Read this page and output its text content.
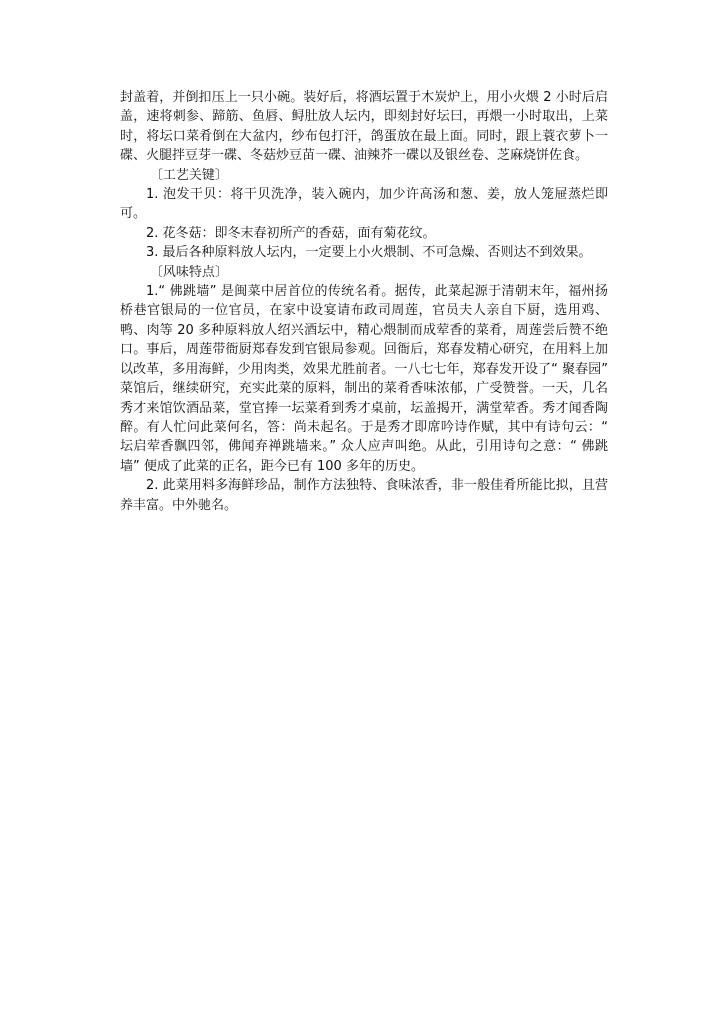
封盖着，并倒扣压上一只小碗。装好后，将酒坛置于木炭炉上，用小火煨 2 小时后启盖，速将刺参、蹄筋、鱼唇、鲟肚放人坛内，即刻封好坛曰，再煨一小时取出，上菜时，将坛口菜肴倒在大盆内，纱布包打汗，鸽蛋放在最上面。同时，跟上蓑衣萝卜一碟、火腿拌豆芽一碟、冬菇炒豆苗一碟、油辣芥一碟以及银丝卷、芝麻烧饼佐食。

〔工艺关键〕

1. 泡发干贝：将干贝洗净，装入碗内，加少许高汤和葱、姜，放人笼屉蒸烂即可。

2. 花冬菇：即冬末春初所产的香菇，面有菊花纹。

3. 最后各种原料放人坛内，一定要上小火煨制、不可急燥、否则达不到效果。

〔风味特点〕

1.“ 佛跳墙” 是闽菜中居首位的传统名肴。据传，此菜起源于清朝末年，福州扬桥巷官银局的一位官员，在家中设宴请布政司周莲，官员夫人亲自下厨，选用鸡、鸭、肉等 20 多种原料放人绍兴酒坛中，精心煨制而成荤香的菜肴，周莲尝后赞不绝口。事后，周莲带衙厨郑春发到官银局参观。回衙后，郑春发精心研究，在用料上加以改革，多用海鲜，少用肉类，效果尤胜前者。一八七七年，郑春发开设了“ 聚春园” 菜馆后，继续研究，充实此菜的原料，制出的菜肴香味浓郁，广受赞誉。一天，几名秀才来馆饮酒品菜，堂官捧一坛菜肴到秀才桌前，坛盖揭开，满堂荤香。秀才闻香陶醉。有人忙问此菜何名，答：尚未起名。于是秀才即席吟诗作赋，其中有诗句云：“ 坛启荤香飘四邻，佛闻弃禅跳墙来。” 众人应声叫绝。从此，引用诗句之意：“ 佛跳墙” 便成了此菜的正名，距今已有 100 多年的历史。

2. 此菜用料多海鲜珍品，制作方法独特、食味浓香，非一般佳肴所能比拟，且营养丰富。中外驰名。
